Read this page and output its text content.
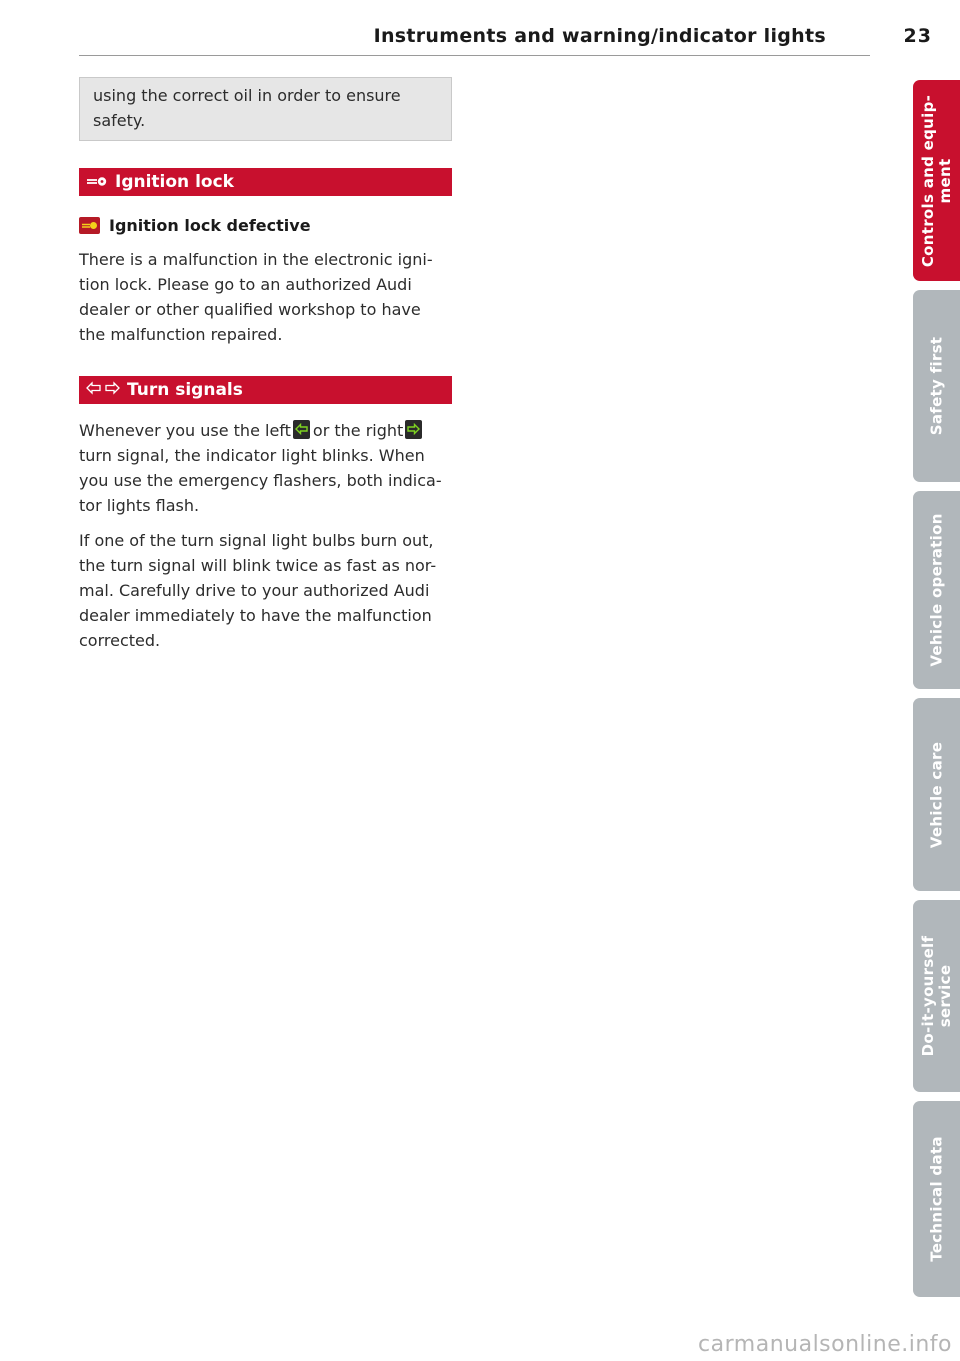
Instruments and warning/indicator lights	23
using the correct oil in order to ensure safety.
Ignition lock
Ignition lock defective

There is a malfunction in the electronic igni-tion lock. Please go to an authorized Audi dealer or other qualified workshop to have the malfunction repaired.

Turn signals

Whenever you use the left or the right
turn signal, the indicator light blinks. When you use the emergency flashers, both indica-tor lights flash.

If one of the turn signal light bulbs burn out, the turn signal will blink twice as fast as nor-mal. Carefully drive to your authorized Audi dealer immediately to have the malfunction corrected.

Controls and equip- ment
Safety first
Vehicle operation
Vehicle care
Do-it-yourself service
Technical data
carmanualsonline.info
